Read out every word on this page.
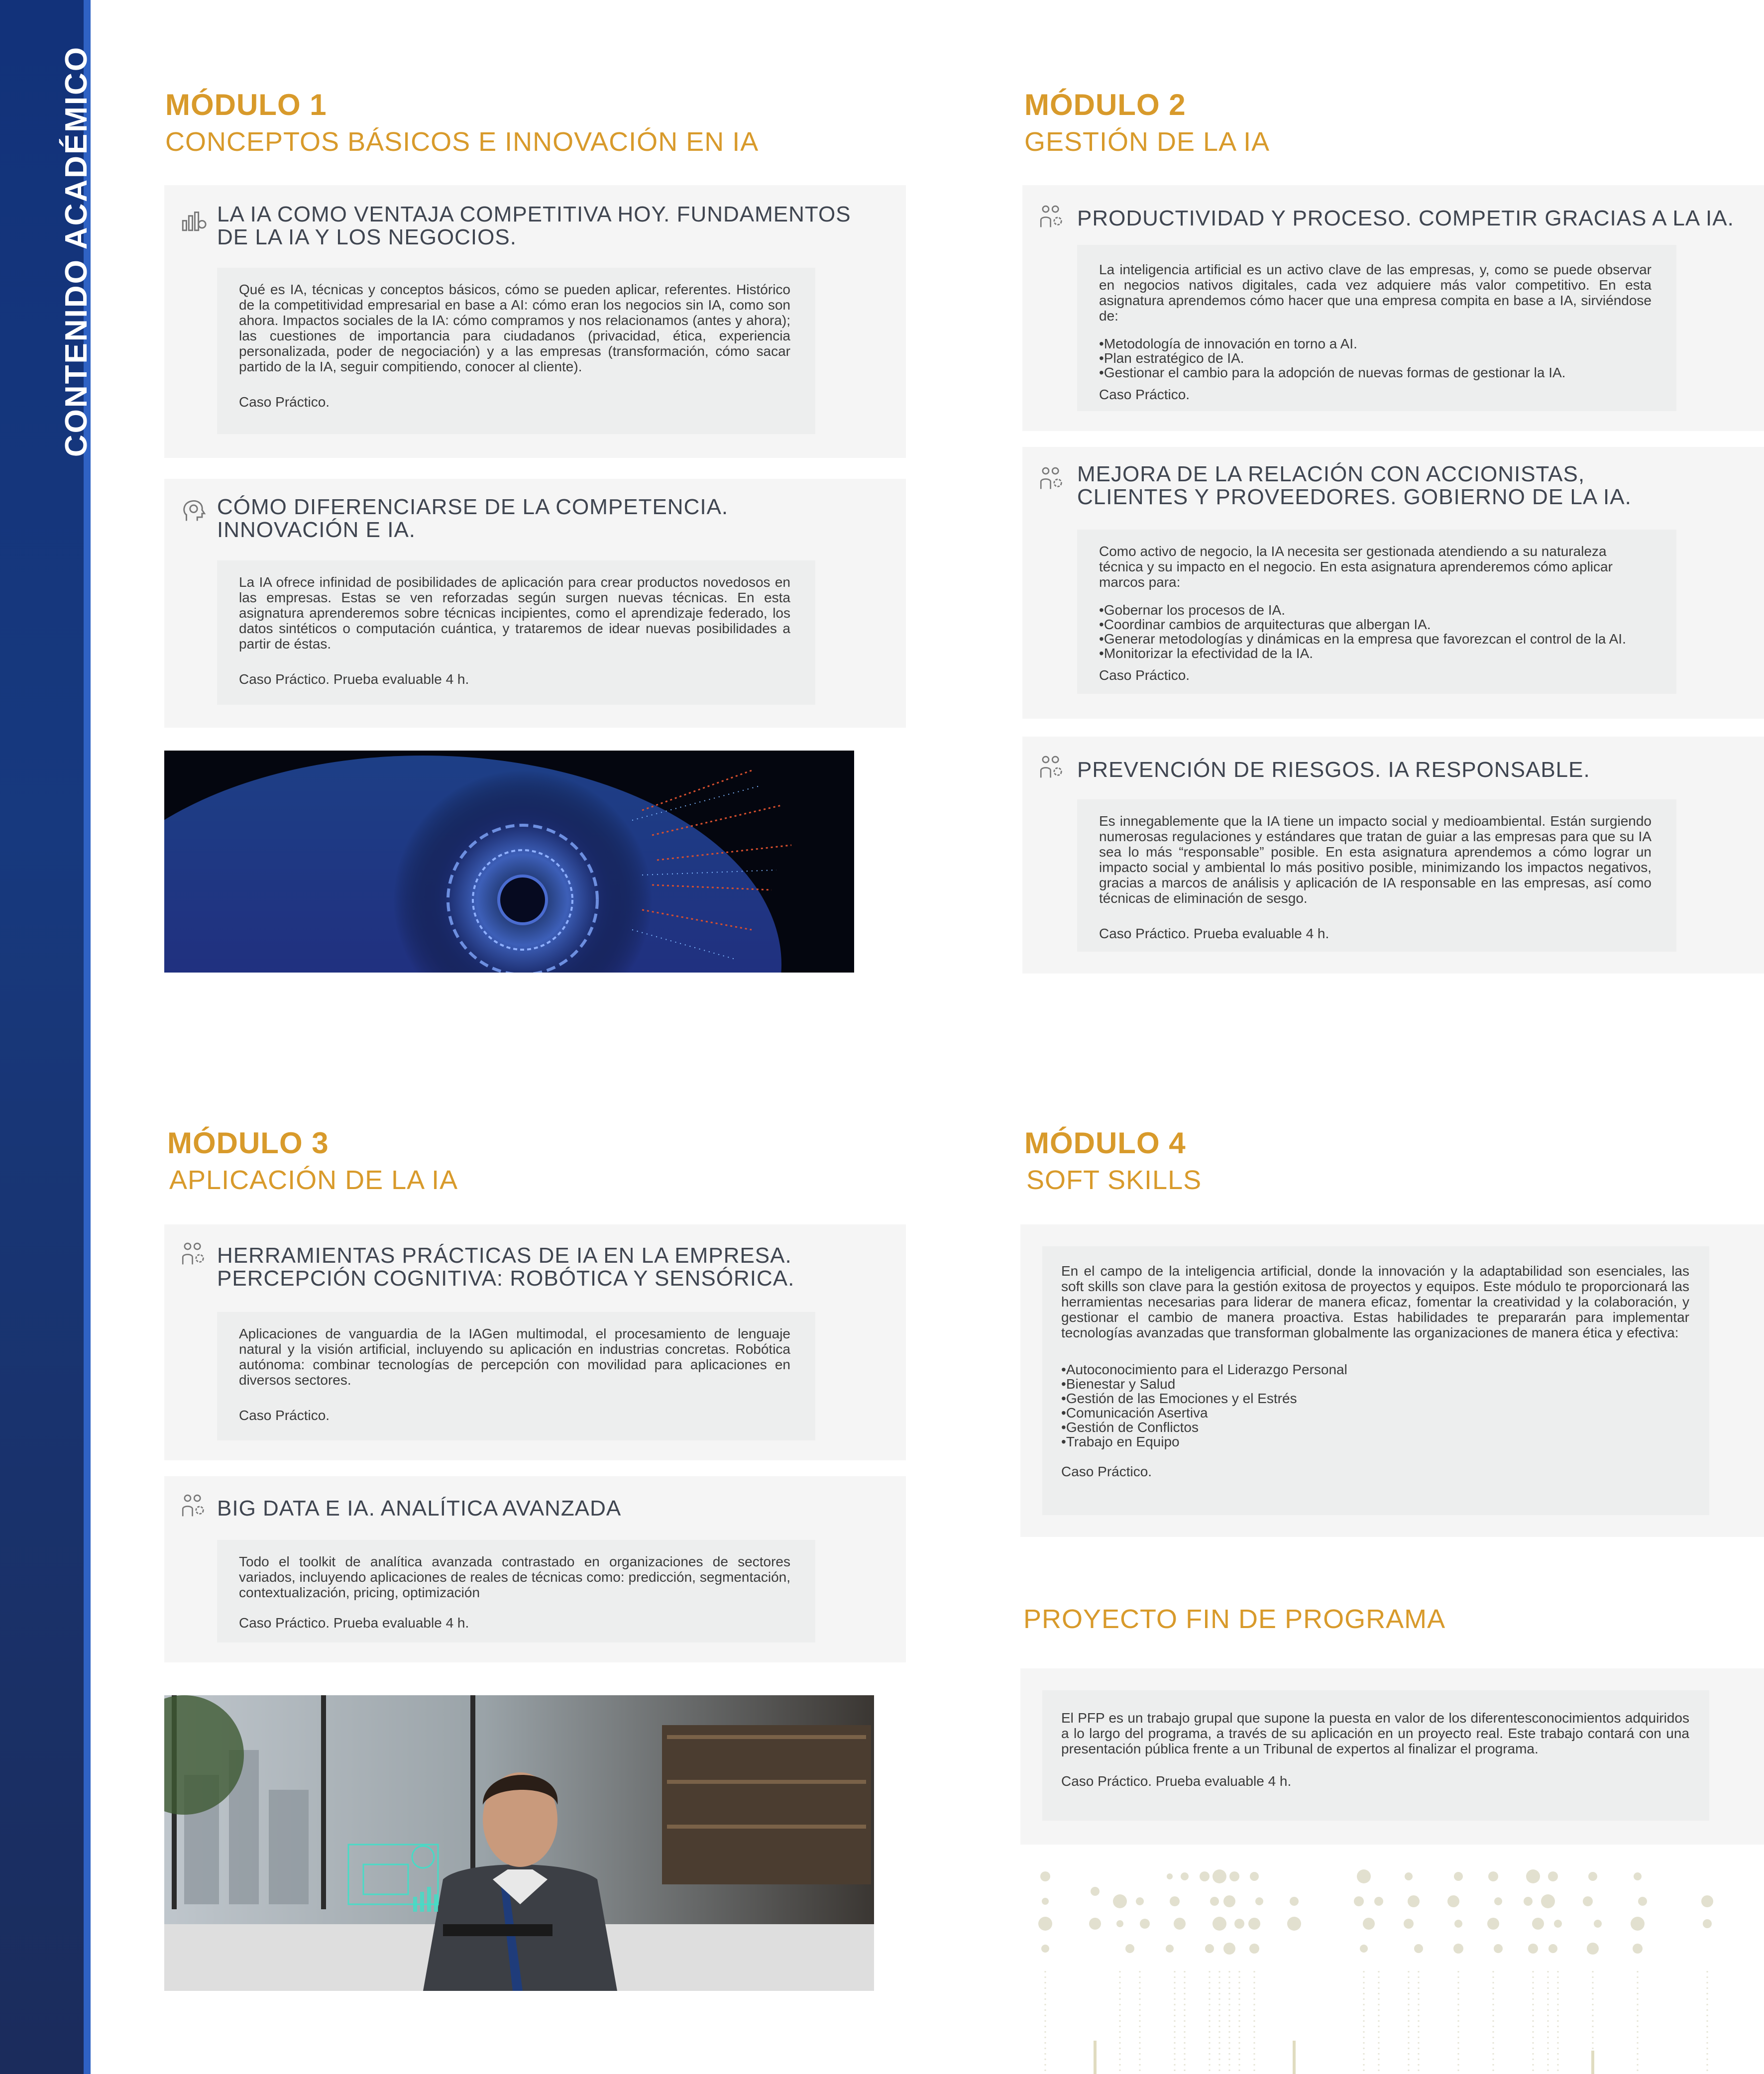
CONTENIDO ACADÉMICO MÓDULO 1
CONCEPTOS BÁSICOS E INNOVACIÓN EN IA
LA IA COMO VENTAJA COMPETITIVA HOY. FUNDAMENTOS
DE LA IA Y LOS NEGOCIOS.

Qué es IA, técnicas y conceptos básicos, cómo se pueden aplicar, referentes. Histórico de la competitividad empresarial en base a AI: cómo eran los negocios sin IA, como son ahora. Impactos sociales de la IA: cómo compramos y nos relacionamos (antes y ahora); las cuestiones de importancia para ciudadanos (privacidad, ética, experiencia personalizada, poder de negociación) y a las empresas (transformación, cómo sacar partido de la IA, seguir compitiendo, conocer al cliente).

Caso Práctico.

CÓMO DIFERENCIARSE DE LA COMPETENCIA.
INNOVACIÓN E IA.

La IA ofrece infinidad de posibilidades de aplicación para crear productos novedosos en las empresas. Estas se ven reforzadas según surgen nuevas técnicas. En esta asignatura aprenderemos sobre técnicas incipientes, como el aprendizaje federado, los datos sintéticos o computación cuántica, y trataremos de idear nuevas posibilidades a partir de éstas.

Caso Práctico. Prueba evaluable 4 h.

MÓDULO 2
GESTIÓN DE LA IA
PRODUCTIVIDAD Y PROCESO. COMPETIR GRACIAS A LA IA.

La inteligencia artificial es un activo clave de las empresas, y, como se puede observar en negocios nativos digitales, cada vez adquiere más valor competitivo. En esta asignatura aprendemos cómo hacer que una empresa compita en base a IA, sirviéndose de:

• Metodología de innovación en torno a AI.
• Plan estratégico de IA.
• Gestionar el cambio para la adopción de nuevas formas de gestionar la IA.

Caso Práctico.

MEJORA DE LA RELACIÓN CON ACCIONISTAS,
CLIENTES Y PROVEEDORES. GOBIERNO DE LA IA.

Como activo de negocio, la IA necesita ser gestionada atendiendo a su naturaleza técnica y su impacto en el negocio. En esta asignatura aprenderemos cómo aplicar marcos para:

• Gobernar los procesos de IA.
• Coordinar cambios de arquitecturas que albergan IA.
• Generar metodologías y dinámicas en la empresa que favorezcan el control de la AI.
• Monitorizar la efectividad de la IA.

Caso Práctico.

PREVENCIÓN DE RIESGOS. IA RESPONSABLE.

Es innegablemente que la IA tiene un impacto social y medioambiental. Están surgiendo numerosas regulaciones y estándares que tratan de guiar a las empresas para que su IA sea lo más “responsable” posible. En esta asignatura aprendemos a cómo lograr un impacto social y ambiental lo más positivo posible, minimizando los impactos negativos, gracias a marcos de análisis y aplicación de IA responsable en las empresas, así como técnicas de eliminación de sesgo.

Caso Práctico. Prueba evaluable 4 h.

MÓDULO 3
APLICACIÓN DE LA IA
HERRAMIENTAS PRÁCTICAS DE IA EN LA EMPRESA.
PERCEPCIÓN COGNITIVA: ROBÓTICA Y SENSÓRICA.

Aplicaciones de vanguardia de la IAGen multimodal, el procesamiento de lenguaje natural y la visión artificial, incluyendo su aplicación en industrias concretas. Robótica autónoma: combinar tecnologías de percepción con movilidad para aplicaciones en diversos sectores.

Caso Práctico.

BIG DATA E IA. ANALÍTICA AVANZADA

Todo el toolkit de analítica avanzada contrastado en organizaciones de sectores variados, incluyendo aplicaciones de reales de técnicas como: predicción, segmentación, contextualización, pricing, optimización

Caso Práctico. Prueba evaluable 4 h.

MÓDULO 4
SOFT SKILLS

En el campo de la inteligencia artificial, donde la innovación y la adaptabilidad son esenciales, las soft skills son clave para la gestión exitosa de proyectos y equipos. Este módulo te proporcionará las herramientas necesarias para liderar de manera eficaz, fomentar la creatividad y la colaboración, y gestionar el cambio de manera proactiva. Estas habilidades te prepararán para implementar tecnologías avanzadas que transforman globalmente las organizaciones de manera ética y efectiva:

• Autoconocimiento para el Liderazgo Personal
• Bienestar y Salud
• Gestión de las Emociones y el Estrés
• Comunicación Asertiva
• Gestión de Conflictos
• Trabajo en Equipo

Caso Práctico.

PROYECTO FIN DE PROGRAMA

El PFP es un trabajo grupal que supone la puesta en valor de los diferentesconocimientos adquiridos a lo largo del programa, a través de su aplicación en un proyecto real. Este trabajo contará con una presentación pública frente a un Tribunal de expertos al finalizar el programa.

Caso Práctico. Prueba evaluable 4 h.
